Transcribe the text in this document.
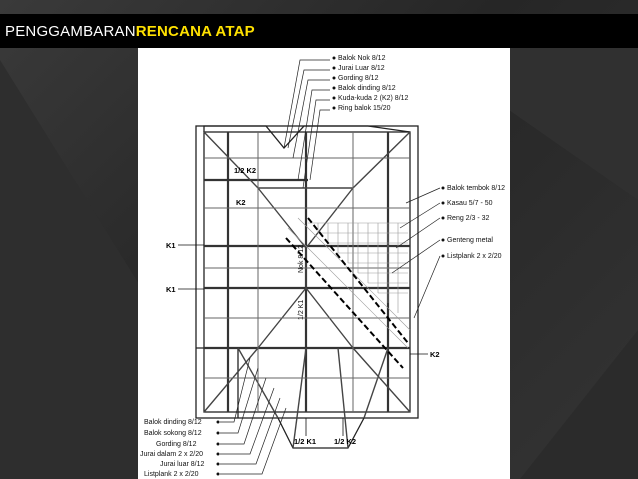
PENGGAMBARAN RENCANA ATAP
1/2 K2
K2
K1
K1
K2
1/2 K1 1/2 K2
Nok 8/12
1/2 K1
Balok Nok 8/12
Jurai Luar 8/12
Gording 8/12
Balok dinding 8/12
Kuda-kuda 2 (K2) 8/12
Ring balok 15/20
Balok tembok 8/12
Kasau 5/7 - 50
Reng 2/3 - 32
Genteng metal
Listplank 2 x 2/20
Balok dinding 8/12
Balok sokong 8/12
Gording 8/12
Jurai dalam 2 x 2/20
Jurai luar 8/12
Listplank 2 x 2/20
